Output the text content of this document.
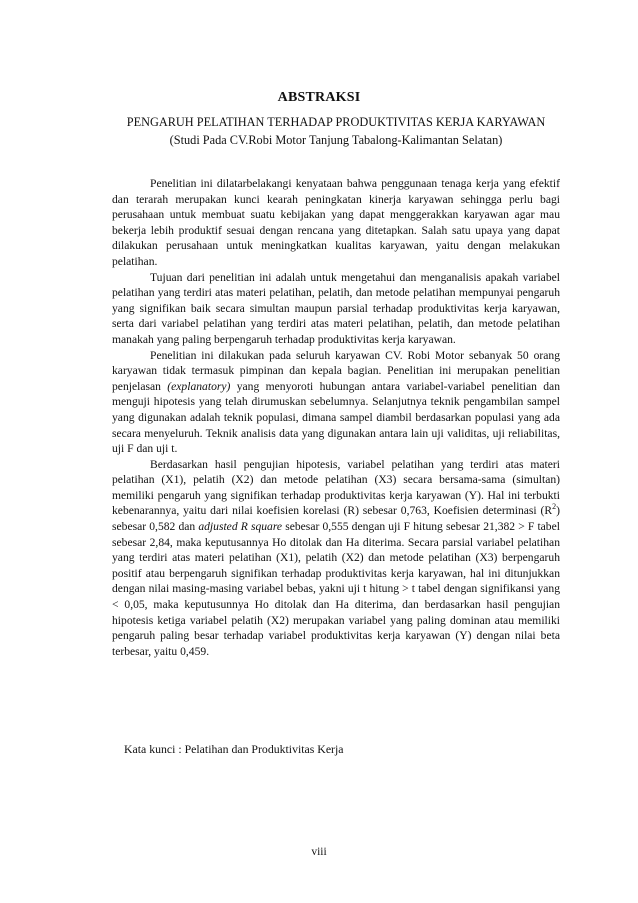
ABSTRAKSI
PENGARUH PELATIHAN TERHADAP PRODUKTIVITAS KERJA KARYAWAN
(Studi Pada CV.Robi Motor Tanjung Tabalong-Kalimantan Selatan)

Penelitian ini dilatarbelakangi kenyataan bahwa penggunaan tenaga kerja yang efektif dan terarah merupakan kunci kearah peningkatan kinerja karyawan sehingga perlu bagi perusahaan untuk membuat suatu kebijakan yang dapat menggerakkan karyawan agar mau bekerja lebih produktif sesuai dengan rencana yang ditetapkan. Salah satu upaya yang dapat dilakukan perusahaan untuk meningkatkan kualitas karyawan, yaitu dengan melakukan pelatihan.

Tujuan dari penelitian ini adalah untuk mengetahui dan menganalisis apakah variabel pelatihan yang terdiri atas materi pelatihan, pelatih, dan metode pelatihan mempunyai pengaruh yang signifikan baik secara simultan maupun parsial terhadap produktivitas kerja karyawan, serta dari variabel pelatihan yang terdiri atas materi pelatihan, pelatih, dan metode pelatihan manakah yang paling berpengaruh terhadap produktivitas kerja karyawan.

Penelitian ini dilakukan pada seluruh karyawan CV. Robi Motor sebanyak 50 orang karyawan tidak termasuk pimpinan dan kepala bagian. Penelitian ini merupakan penelitian penjelasan (explanatory) yang menyoroti hubungan antara variabel-variabel penelitian dan menguji hipotesis yang telah dirumuskan sebelumnya. Selanjutnya teknik pengambilan sampel yang digunakan adalah teknik populasi, dimana sampel diambil berdasarkan populasi yang ada secara menyeluruh. Teknik analisis data yang digunakan antara lain uji validitas, uji reliabilitas, uji F dan uji t.

Berdasarkan hasil pengujian hipotesis, variabel pelatihan yang terdiri atas materi pelatihan (X1), pelatih (X2) dan metode pelatihan (X3) secara bersama-sama (simultan) memiliki pengaruh yang signifikan terhadap produktivitas kerja karyawan (Y). Hal ini terbukti kebenarannya, yaitu dari nilai koefisien korelasi (R) sebesar 0,763, Koefisien determinasi $(R^2)$ sebesar 0,582 dan adjusted R square sebesar 0,555 dengan uji F hitung sebesar 21,382 > F tabel sebesar 2,84, maka keputusannya Ho ditolak dan Ha diterima. Secara parsial variabel pelatihan yang terdiri atas materi pelatihan (X1), pelatih (X2) dan metode pelatihan (X3) berpengaruh positif atau berpengaruh signifikan terhadap produktivitas kerja karyawan, hal ini ditunjukkan dengan nilai masing-masing variabel bebas, yakni uji t hitung > t tabel dengan signifikansi yang < 0,05, maka keputusunnya Ho ditolak dan Ha diterima, dan berdasarkan hasil pengujian hipotesis ketiga variabel pelatih (X2) merupakan variabel yang paling dominan atau memiliki pengaruh paling besar terhadap variabel produktivitas kerja karyawan (Y) dengan nilai beta terbesar, yaitu 0,459.

Kata kunci : Pelatihan dan Produktivitas Kerja
viii
